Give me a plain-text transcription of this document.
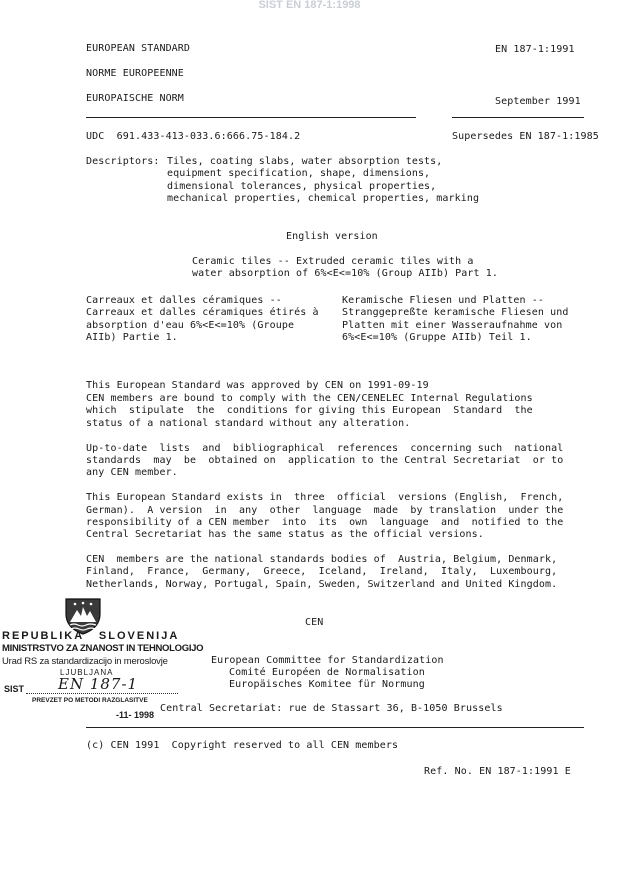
SIST EN 187-1:1998
EUROPEAN STANDARD
NORME EUROPEENNE
EUROPAISCHE NORM
EN 187-1:1991
September 1991
UDC  691.433-413-033.6:666.75-184.2	Supersedes EN 187-1:1985
Descriptors: Tiles, coating slabs, water absorption tests,
equipment specification, shape, dimensions,
dimensional tolerances, physical properties,
mechanical properties, chemical properties, marking
English version
Ceramic tiles -- Extruded ceramic tiles with a
water absorption of 6%<E<=10% (Group AIIb) Part 1.
Carreaux et dalles céramiques --
Carreaux et dalles céramiques étirés à
absorption d'eau 6%<E<=10% (Groupe
AIIb) Partie 1.
Keramische Fliesen und Platten --
Stranggepreßte keramische Fliesen und
Platten mit einer Wasseraufnahme von
6%<E<=10% (Gruppe AIIb) Teil 1.
This European Standard was approved by CEN on 1991-09-19
CEN members are bound to comply with the CEN/CENELEC Internal Regulations
which  stipulate  the  conditions for giving this European  Standard  the
status of a national standard without any alteration.
Up-to-date  lists  and  bibliographical  references  concerning such  national
standards  may  be  obtained on  application to the Central Secretariat  or to
any CEN member.
This European Standard exists in  three  official  versions (English,  French,
German).  A version  in  any  other  language  made  by translation  under the
responsibility of a CEN member  into  its  own  language  and  notified to the
Central Secretariat has the same status as the official versions.
CEN  members are the national standards bodies of  Austria, Belgium, Denmark,
Finland,  France,  Germany,  Greece,  Iceland,  Ireland,  Italy,  Luxembourg,
Netherlands, Norway, Portugal, Spain, Sweden, Switzerland and United Kingdom.
REPUBLIKA   SLOVENIJA
MINISTRSTVO ZA ZNANOST IN TEHNOLOGIJO
Urad RS za standardizacijo in meroslovje
LJUBLJANA
SIST EN 187-1
PREVZET PO METODI RAZGLASITVE
-11- 1998
CEN
European Committee for Standardization
Comité Européen de Normalisation
Europäisches Komitee für Normung
Central Secretariat: rue de Stassart 36, B-1050 Brussels
(c) CEN 1991  Copyright reserved to all CEN members
Ref. No. EN 187-1:1991 E
